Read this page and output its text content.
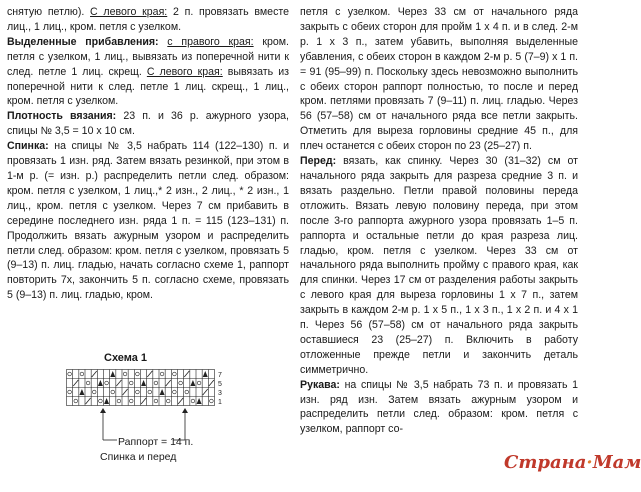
снятую петлю). С левого края: 2 п. провязать вместе лиц., 1 лиц., кром. петля с узелком.

Выделенные прибавления: с правого края: кром. петля с узелком, 1 лиц., вывязать из поперечной нити к след. петле 1 лиц. скрещ. С левого края: вывязать из поперечной нити к след. петле 1 лиц. скрещ., 1 лиц., кром. петля с узелком.

Плотность вязания: 23 п. и 36 р. ажурного узора, спицы № 3,5 = 10 х 10 см.

Спинка: на спицы № 3,5 набрать 114 (122–130) п. и провязать 1 изн. ряд. Затем вязать резинкой, при этом в 1-м р. (= изн. р.) распределить петли след. образом: кром. петля с узелком, 1 лиц.,* 2 изн., 2 лиц., * 2 изн., 1 лиц., кром. петля с узелком. Через 7 см прибавить в середине последнего изн. ряда 1 п. = 115 (123–131) п. Продолжить вязать ажурным узором и распределить петли след. образом: кром. петля с узелком, провязать 5 (9–13) п. лиц. гладью, начать согласно схеме 1, раппорт повторить 7х, закончить 5 п. согласно схеме, провязать 5 (9–13) п. лиц. гладью, кром.

Схема 1
7
5
3
1
Раппорт = 14 п.
Спинка и перед

петля с узелком. Через 33 см от начального ряда закрыть с обеих сторон для пройм 1 х 4 п. и в след. 2-м р. 1 х 3 п., затем убавить, выполняя выделенные убавления, с обеих сторон в каждом 2-м р. 5 (7–9) х 1 п. = 91 (95–99) п. Поскольку здесь невозможно выполнить с обеих сторон раппорт полностью, то после и перед кром. петлями провязать 7 (9–11) п. лиц. гладью. Через 56 (57–58) см от начального ряда все петли закрыть. Отметить для выреза горловины средние 45 п., для плеч останется с обеих сторон по 23 (25–27) п.

Перед: вязать, как спинку. Через 30 (31–32) см от начального ряда закрыть для разреза средние 3 п. и вязать раздельно. Петли правой половины переда отложить. Вязать левую половину переда, при этом после 3-го раппорта ажурного узора провязать 1–5 п. раппорта и остальные петли до края разреза лиц. гладью, кром. петля с узелком. Через 33 см от начального ряда выполнить пройму с правого края, как для спинки. Через 17 см от разделения работы закрыть с левого края для выреза горловины 1 х 7 п., затем закрыть в каждом 2-м р. 1 х 5 п., 1 х 3 п., 1 х 2 п. и 4 х 1 п. Через 56 (57–58) см от начального ряда закрыть оставшиеся 23 (25–27) п. Включить в работу отложенные прежде петли и закончить деталь симметрично.

Рукава: на спицы № 3,5 набрать 73 п. и провязать 1 изн. ряд изн. Затем вязать ажурным узором и распределить петли след. образом: кром. петля с узелком, раппорт со-

Страна·Мам
